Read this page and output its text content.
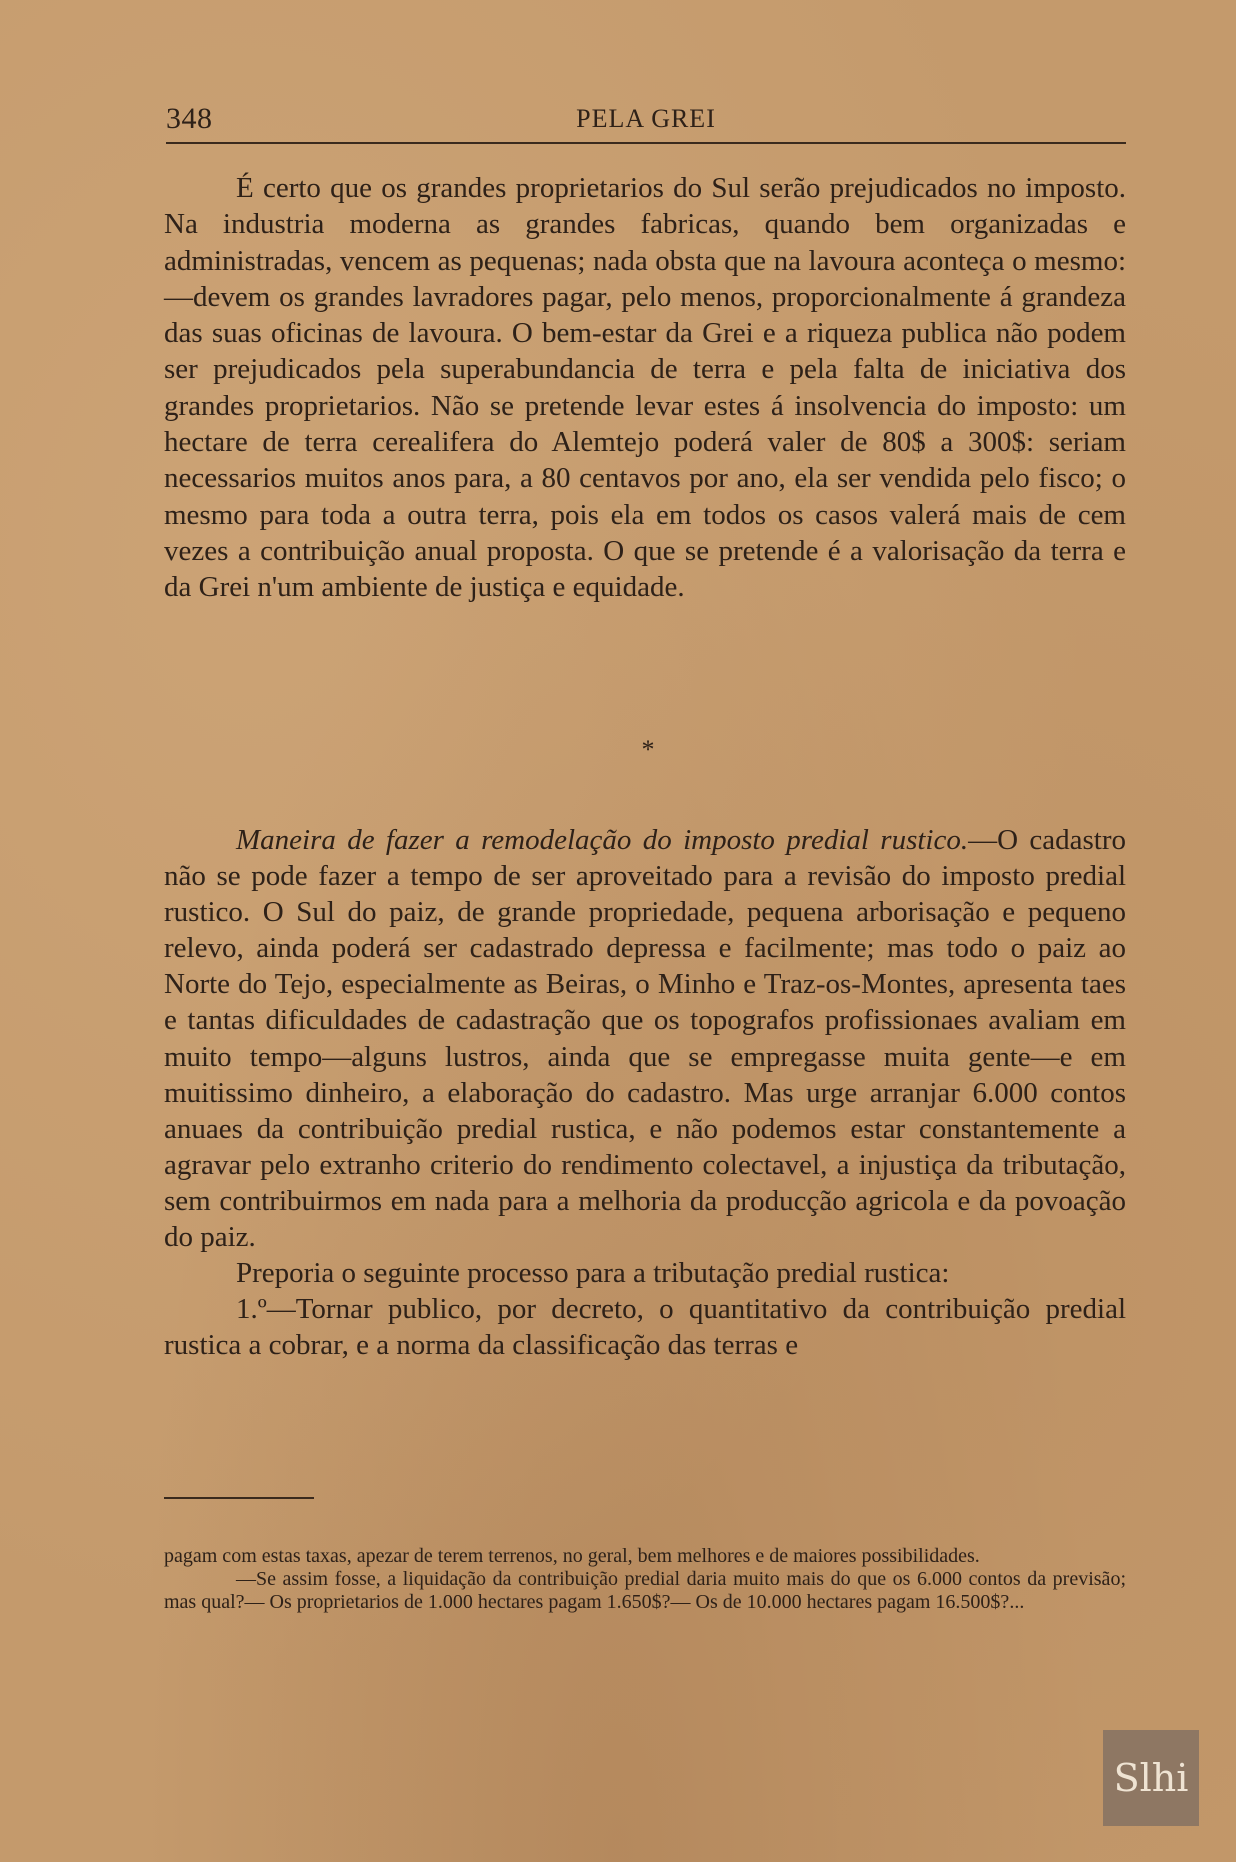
348	PELA GREI

É certo que os grandes proprietarios do Sul serão prejudicados no imposto. Na industria moderna as grandes fabricas, quando bem organizadas e administradas, vencem as pequenas; nada obsta que na lavoura aconteça o mesmo:—devem os grandes lavradores pagar, pelo menos, proporcionalmente á grandeza das suas oficinas de lavoura. O bem-estar da Grei e a riqueza publica não podem ser prejudicados pela superabundancia de terra e pela falta de iniciativa dos grandes proprietarios. Não se pretende levar estes á insolvencia do imposto: um hectare de terra cerealifera do Alemtejo poderá valer de 80$ a 300$: seriam necessarios muitos anos para, a 80 centavos por ano, ela ser vendida pelo fisco; o mesmo para toda a outra terra, pois ela em todos os casos valerá mais de cem vezes a contribuição anual proposta. O que se pretende é a valorisação da terra e da Grei n'um ambiente de justiça e equidade.

*

Maneira de fazer a remodelação do imposto predial rustico.—O cadastro não se pode fazer a tempo de ser aproveitado para a revisão do imposto predial rustico. O Sul do paiz, de grande propriedade, pequena arborisação e pequeno relevo, ainda poderá ser cadastrado depressa e facilmente; mas todo o paiz ao Norte do Tejo, especialmente as Beiras, o Minho e Traz-os-Montes, apresenta taes e tantas dificuldades de cadastração que os topografos profissionaes avaliam em muito tempo—alguns lustros, ainda que se empregasse muita gente—e em muitissimo dinheiro, a elaboração do cadastro. Mas urge arranjar 6.000 contos anuaes da contribuição predial rustica, e não podemos estar constantemente a agravar pelo extranho criterio do rendimento colectavel, a injustiça da tributação, sem contribuirmos em nada para a melhoria da producção agricola e da povoação do paiz.

Preporia o seguinte processo para a tributação predial rustica:

1.º—Tornar publico, por decreto, o quantitativo da contribuição predial rustica a cobrar, e a norma da classificação das terras e

pagam com estas taxas, apezar de terem terrenos, no geral, bem melhores e de maiores possibilidades.

—Se assim fosse, a liquidação da contribuição predial daria muito mais do que os 6.000 contos da previsão; mas qual?— Os proprietarios de 1.000 hectares pagam 1.650$?— Os de 10.000 hectares pagam 16.500$?...

Slhi
